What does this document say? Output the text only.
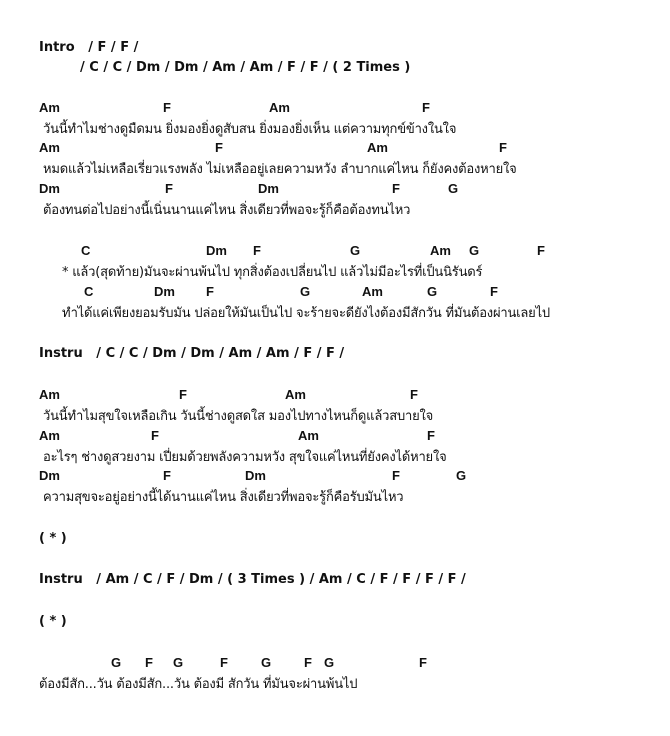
Intro / F / F /
/ C / C / Dm / Dm / Am / Am / F / F / ( 2 Times )
Am	F	Am	F
วันนี้ทำไมช่างดูมืดมน ยิ่งมองยิ่งดูสับสน ยิ่งมองยิ่งเห็น แต่ความทุกข์ข้างในใจ
Am	F	Am	F
หมดแล้วไม่เหลือเรี่ยวแรงพลัง ไม่เหลืออยู่เลยความหวัง ลำบากแค่ไหน ก็ยังคงต้องหายใจ
Dm	F	Dm	F	G
ต้องทนต่อไปอย่างนี้เนิ่นนานแค่ไหน สิ่งเดียวที่พอจะรู้ก็คือต้องทนไหว
C	Dm F	G	Am G	F
* แล้ว(สุดท้าย)มันจะผ่านพ้นไป ทุกสิ่งต้องเปลี่ยนไป แล้วไม่มีอะไรที่เป็นนิรันดร์
C	Dm F	G	Am	G	F
ทำได้แค่เพียงยอมรับมัน ปล่อยให้มันเป็นไป จะร้ายจะดียังไงต้องมีสักวัน ที่มันต้องผ่านเลยไป
Instru / C / C / Dm / Dm / Am / Am / F / F /
Am	F	Am	F
วันนี้ทำไมสุขใจเหลือเกิน วันนี้ช่างดูสดใส มองไปทางไหนก็ดูแล้วสบายใจ
Am	F	Am	F
อะไรๆ ช่างดูสวยงาม เปี่ยมด้วยพลังความหวัง สุขใจแค่ไหนที่ยังคงได้หายใจ
Dm	F	Dm	F	G
ความสุขจะอยู่อย่างนี้ได้นานแค่ไหน สิ่งเดียวที่พอจะรู้ก็คือรับมันไหว
( * )
Instru / Am / C / F / Dm / ( 3 Times ) / Am / C / F / F / F / F /
( * )
G F G	F	G	F G	F
ต้องมีสัก...วัน ต้องมีสัก...วัน ต้องมี สักวัน ที่มันจะผ่านพ้นไป
